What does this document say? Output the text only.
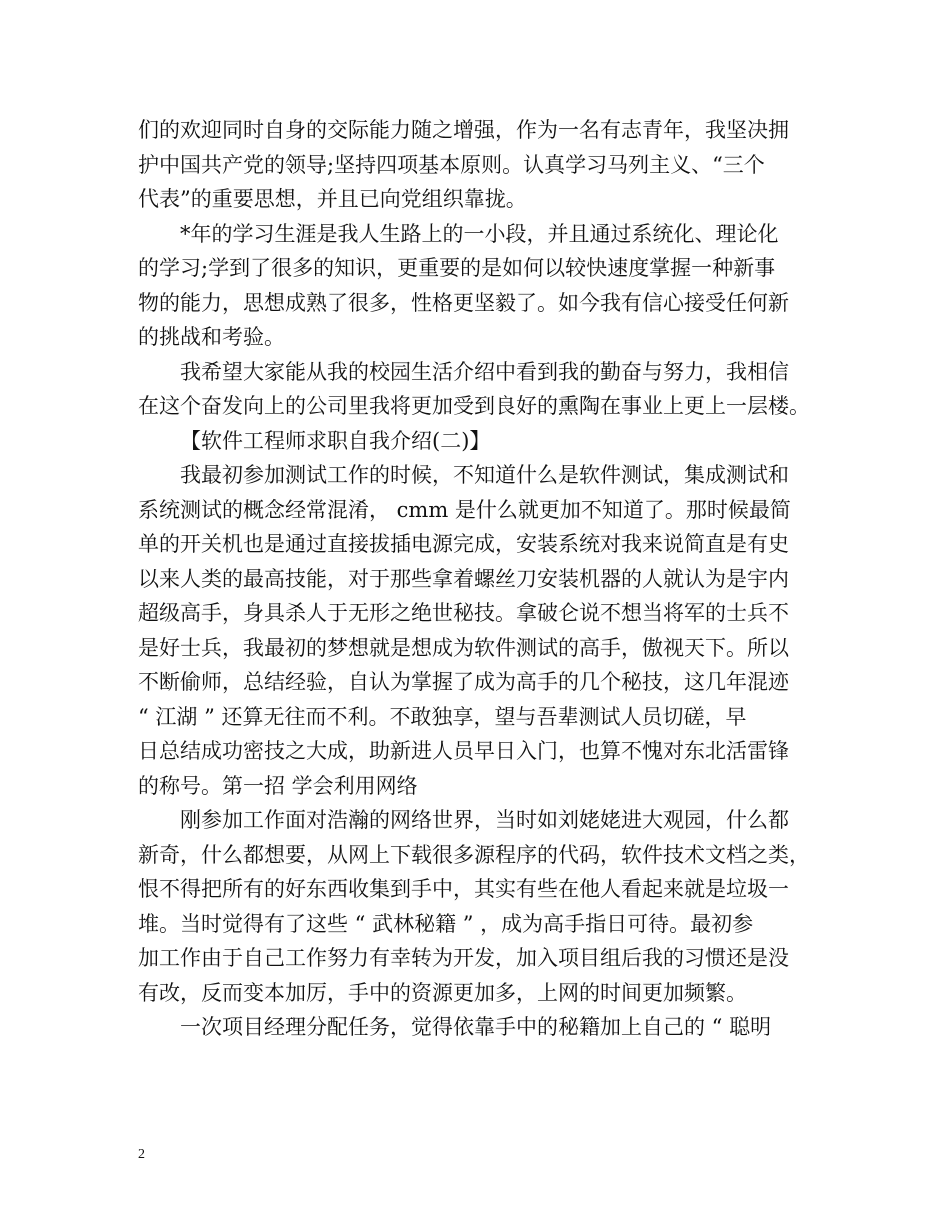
们的欢迎同时自身的交际能力随之增强，作为一名有志青年，我坚决拥
护中国共产党的领导;坚持四项基本原则。认真学习马列主义、“三个
代表”的重要思想，并且已向党组织靠拢。
*年的学习生涯是我人生路上的一小段，并且通过系统化、理论化
的学习;学到了很多的知识，更重要的是如何以较快速度掌握一种新事
物的能力，思想成熟了很多，性格更坚毅了。如今我有信心接受任何新
的挑战和考验。
我希望大家能从我的校园生活介绍中看到我的勤奋与努力，我相信
在这个奋发向上的公司里我将更加受到良好的熏陶在事业上更上一层楼。
【软件工程师求职自我介绍(二)】
我最初参加测试工作的时候，不知道什么是软件测试，集成测试和
系统测试的概念经常混淆， cmm 是什么就更加不知道了。那时候最简
单的开关机也是通过直接拔插电源完成，安装系统对我来说简直是有史
以来人类的最高技能，对于那些拿着螺丝刀安装机器的人就认为是宇内
超级高手，身具杀人于无形之绝世秘技。拿破仑说不想当将军的士兵不
是好士兵，我最初的梦想就是想成为软件测试的高手，傲视天下。所以
不断偷师，总结经验，自认为掌握了成为高手的几个秘技，这几年混迹
“ 江湖 ” 还算无往而不利。不敢独享，望与吾辈测试人员切磋，早
日总结成功密技之大成，助新进人员早日入门，也算不愧对东北活雷锋
的称号。第一招 学会利用网络
刚参加工作面对浩瀚的网络世界，当时如刘姥姥进大观园，什么都
新奇，什么都想要，从网上下载很多源程序的代码，软件技术文档之类，
恨不得把所有的好东西收集到手中，其实有些在他人看起来就是垃圾一
堆。当时觉得有了这些 “ 武林秘籍 ” ，成为高手指日可待。最初参
加工作由于自己工作努力有幸转为开发，加入项目组后我的习惯还是没
有改，反而变本加厉，手中的资源更加多，上网的时间更加频繁。
一次项目经理分配任务，觉得依靠手中的秘籍加上自己的 “ 聪明
2
